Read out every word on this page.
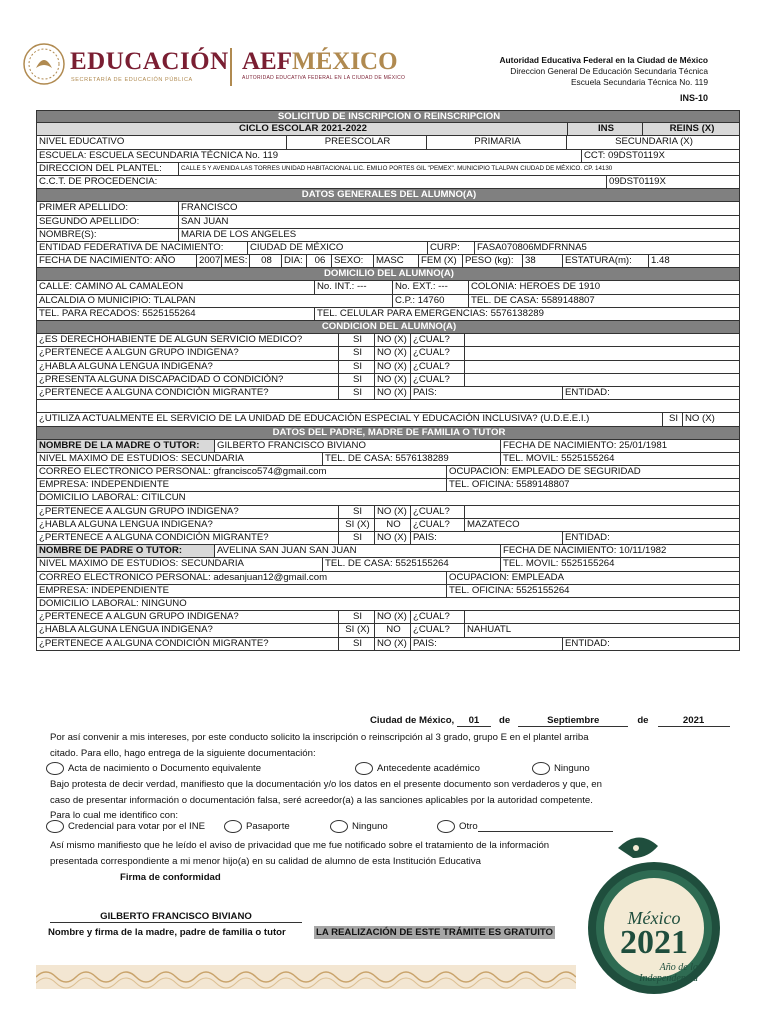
EDUCACIÓN
SECRETARÍA DE EDUCACIÓN PÚBLICA
AEFMÉXICO
AUTORIDAD EDUCATIVA FEDERAL EN LA CIUDAD DE MÉXICO
Autoridad Educativa Federal en la Ciudad de México
Direccion General De Educación Secundaria Técnica
Escuela Secundaria Técnica No. 119
INS-10
SOLICITUD DE INSCRIPCION O REINSCRIPCION
CICLO ESCOLAR 2021-2022	INS	REINS (X)
NIVEL EDUCATIVO	PREESCOLAR	PRIMARIA	SECUNDARIA (X)
ESCUELA: ESCUELA SECUNDARIA TÉCNICA No. 119	CCT: 09DST0119X
DIRECCION DEL PLANTEL:	CALLE 5 Y AVENIDA LAS TORRES UNIDAD HABITACIONAL LIC. EMILIO PORTES GIL "PEMEX". MUNICIPIO TLALPAN CIUDAD DE MÉXICO. CP. 14130
C.C.T. DE PROCEDENCIA:	09DST0119X
DATOS GENERALES DEL ALUMNO(A)
PRIMER APELLIDO:	FRANCISCO
SEGUNDO APELLIDO:	SAN JUAN
NOMBRE(S):	MARIA DE LOS ANGELES
ENTIDAD FEDERATIVA DE NACIMIENTO:	CIUDAD DE MÉXICO	CURP:	FASA070806MDFRNNA5
FECHA DE NACIMIENTO: AÑO	2007 MES:	08	DIA:	06 SEXO:	MASC	FEM (X) PESO (kg):	38	ESTATURA(m):	1.48
DOMICILIO DEL ALUMNO(A)
CALLE: CAMINO AL CAMALEON	No. INT.: ---	No. EXT.: ---	COLONIA: HEROES DE 1910
ALCALDIA O MUNICIPIO: TLALPAN	C.P.: 14760	TEL. DE CASA: 5589148807
TEL. PARA RECADOS: 5525155264	TEL. CELULAR PARA EMERGENCIAS: 5576138289
CONDICION DEL ALUMNO(A)
¿ES DERECHOHABIENTE DE ALGUN SERVICIO MEDICO?	SI	NO (X) ¿CUAL?
¿PERTENECE A ALGUN GRUPO INDIGENA?	SI	NO (X) ¿CUAL?
¿HABLA ALGUNA LENGUA INDIGENA?	SI	NO (X) ¿CUAL?
¿PRESENTA ALGUNA DISCAPACIDAD O CONDICIÓN?	SI	NO (X) ¿CUAL?
¿PERTENECE A ALGUNA CONDICIÓN MIGRANTE?	SI	NO (X) PAIS:	ENTIDAD:
¿UTILIZA ACTUALMENTE EL SERVICIO DE LA UNIDAD DE EDUCACIÓN ESPECIAL Y EDUCACIÓN INCLUSIVA? (U.D.E.E.I.)	SI NO (X)
DATOS DEL PADRE, MADRE DE FAMILIA O TUTOR
NOMBRE DE LA MADRE O TUTOR:	GILBERTO FRANCISCO BIVIANO	FECHA DE NACIMIENTO: 25/01/1981
NIVEL MAXIMO DE ESTUDIOS: SECUNDARIA	TEL. DE CASA: 5576138289	TEL. MOVIL: 5525155264
CORREO ELECTRONICO PERSONAL: gfrancisco574@gmail.com	OCUPACION: EMPLEADO DE SEGURIDAD
EMPRESA: INDEPENDIENTE	TEL. OFICINA: 5589148807
DOMICILIO LABORAL: CITILCUN
¿PERTENECE A ALGUN GRUPO INDIGENA?	SI	NO (X) ¿CUAL?
¿HABLA ALGUNA LENGUA INDIGENA?	SI (X)	NO	¿CUAL?	MAZATECO
¿PERTENECE A ALGUNA CONDICIÓN MIGRANTE?	SI	NO (X) PAIS:	ENTIDAD:
NOMBRE DE PADRE O TUTOR:	AVELINA SAN JUAN SAN JUAN	FECHA DE NACIMIENTO: 10/11/1982
NIVEL MAXIMO DE ESTUDIOS: SECUNDARIA	TEL. DE CASA: 5525155264	TEL. MOVIL: 5525155264
CORREO ELECTRONICO PERSONAL: adesanjuan12@gmail.com	OCUPACION: EMPLEADA
EMPRESA: INDEPENDIENTE	TEL. OFICINA: 5525155264
DOMICILIO LABORAL: NINGUNO
¿PERTENECE A ALGUN GRUPO INDIGENA?	SI	NO (X) ¿CUAL?
¿HABLA ALGUNA LENGUA INDIGENA?	SI (X)	NO	¿CUAL?	NAHUATL
¿PERTENECE A ALGUNA CONDICIÓN MIGRANTE?	SI	NO (X) PAIS:	ENTIDAD:
Ciudad de México, 01 de	Septiembre	de	2021
Por así convenir a mis intereses, por este conducto solicito la inscripción o reinscripción al 3 grado, grupo E en el plantel arriba citado. Para ello, hago entrega de la siguiente documentación:
Acta de nacimiento o Documento equivalente	Antecedente académico	Ninguno
Bajo protesta de decir verdad, manifiesto que la documentación y/o los datos en el presente documento son verdaderos y que, en caso de presentar información o documentación falsa, seré acreedor(a) a las sanciones aplicables por la autoridad competente. Para lo cual me identifico con:
Credencial para votar por el INE	Pasaporte	Ninguno	Otro
Así mismo manifiesto que he leído el aviso de privacidad que me fue notificado sobre el tratamiento de la información presentada correspondiente a mi menor hijo(a) en su calidad de alumno de esta Institución Educativa
Firma de conformidad
GILBERTO FRANCISCO BIVIANO
Nombre y firma de la madre, padre de familia o tutor	LA REALIZACIÓN DE ESTE TRÁMITE ES GRATUITO
México
2021
Año de la
Independencia
